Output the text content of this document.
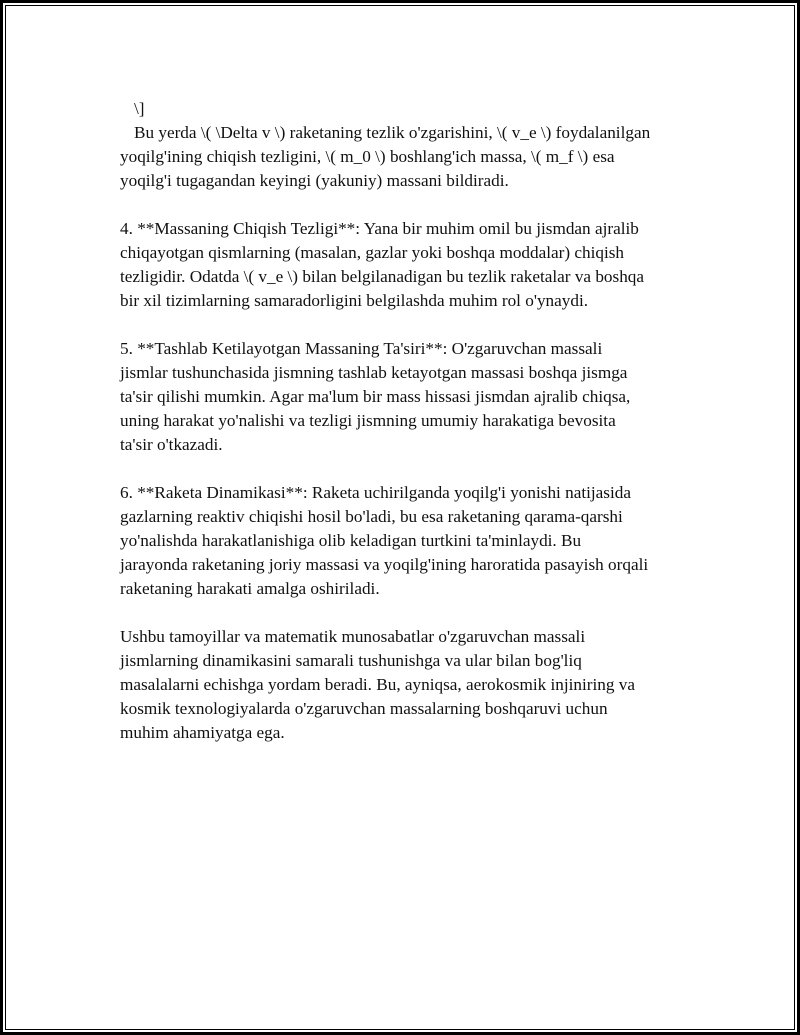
\]
Bu yerda \( \Delta v \) raketaning tezlik o'zgarishini, \( v_e \) foydalanilgan
yoqilg'ining chiqish tezligini, \( m_0 \) boshlang'ich massa, \( m_f \) esa
yoqilg'i tugagandan keyingi (yakuniy) massani bildiradi.
4. **Massaning Chiqish Tezligi**: Yana bir muhim omil bu jismdan ajralib
chiqayotgan qismlarning (masalan, gazlar yoki boshqa moddalar) chiqish
tezligidir. Odatda \( v_e \) bilan belgilanadigan bu tezlik raketalar va boshqa
bir xil tizimlarning samaradorligini belgilashda muhim rol o'ynaydi.
5. **Tashlab Ketilayotgan Massaning Ta'siri**: O'zgaruvchan massali
jismlar tushunchasida jismning tashlab ketayotgan massasi boshqa jismga
ta'sir qilishi mumkin. Agar ma'lum bir mass hissasi jismdan ajralib chiqsa,
uning harakat yo'nalishi va tezligi jismning umumiy harakatiga bevosita
ta'sir o'tkazadi.
6. **Raketa Dinamikasi**: Raketa uchirilganda yoqilg'i yonishi natijasida
gazlarning reaktiv chiqishi hosil bo'ladi, bu esa raketaning qarama-qarshi
yo'nalishda harakatlanishiga olib keladigan turtkini ta'minlaydi. Bu
jarayonda raketaning joriy massasi va yoqilg'ining haroratida pasayish orqali
raketaning harakati amalga oshiriladi.
Ushbu tamoyillar va matematik munosabatlar o'zgaruvchan massali
jismlarning dinamikasini samarali tushunishga va ular bilan bog'liq
masalalarni echishga yordam beradi. Bu, ayniqsa, aerokosmik injiniring va
kosmik texnologiyalarda o'zgaruvchan massalarning boshqaruvi uchun
muhim ahamiyatga ega.
